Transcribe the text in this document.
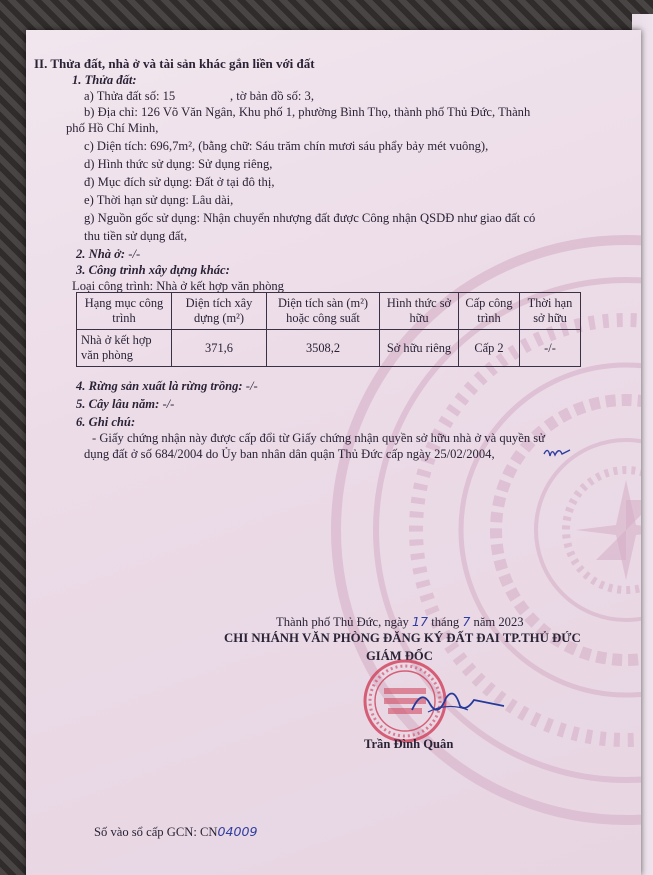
II. Thửa đất, nhà ở và tài sản khác gắn liền với đất
1. Thửa đất:
a) Thửa đất số: 15	, tờ bản đồ số: 3,
b) Địa chỉ: 126 Võ Văn Ngân, Khu phố 1, phường Bình Thọ, thành phố Thủ Đức, Thành
phố Hồ Chí Minh,
c) Diện tích: 696,7m², (bằng chữ: Sáu trăm chín mươi sáu phẩy bảy mét vuông),
d) Hình thức sử dụng: Sử dụng riêng,
đ) Mục đích sử dụng: Đất ở tại đô thị,
e) Thời hạn sử dụng: Lâu dài,
g) Nguồn gốc sử dụng: Nhận chuyển nhượng đất được Công nhận QSDĐ như giao đất có
thu tiền sử dụng đất,
2. Nhà ở: -/-
3. Công trình xây dựng khác:
Loại công trình: Nhà ở kết hợp văn phòng
Hạng mục công trình	Diện tích xây dựng (m²)	Diện tích sàn (m²) hoặc công suất	Hình thức sở hữu	Cấp công trình	Thời hạn sở hữu
Nhà ở kết hợp văn phòng	371,6	3508,2	Sở hữu riêng	Cấp 2	-/-
4. Rừng sản xuất là rừng trồng: -/-
5. Cây lâu năm: -/-
6. Ghi chú:
- Giấy chứng nhận này được cấp đổi từ Giấy chứng nhận quyền sở hữu nhà ở và quyền sử
dụng đất ở số 684/2004 do Ủy ban nhân dân quận Thủ Đức cấp ngày 25/02/2004,
Thành phố Thủ Đức, ngày 17 tháng 7 năm 2023
CHI NHÁNH VĂN PHÒNG ĐĂNG KÝ ĐẤT ĐAI TP.THỦ ĐỨC
GIÁM ĐỐC
Trần Đình Quân
Số vào sổ cấp GCN: CN04009
